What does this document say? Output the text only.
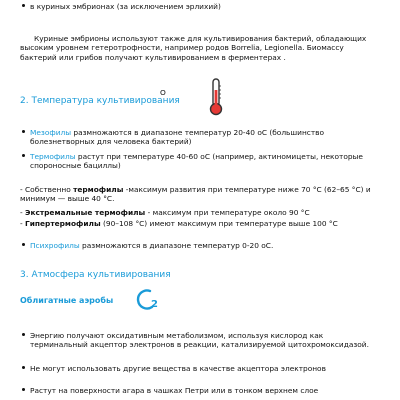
в куриных эмбрионах (за исключением эрлихий)
Куриные эмбрионы используют также для культивирования бактерий, обладающих высоким уровнем гетеротрофности, например родов Borrelia, Legionella. Биомассу бактерий или грибов получают культивированием в ферментерах .
2. Температура культивирования
Мезофилы размножаются в диапазоне температур 20-40 oC (большинство болезнетворных для человека бактерий)
Термофилы растут при температуре 40-60 oC (например, актиномицеты, некоторые спороносные бациллы)
- Собственно термофилы -максимум развития при температуре ниже 70 °С (62–65 °С) и минимум — выше 40 °С.
- Экстремальные термофилы - максимум при температуре около 90 °С
- Гипертермофилы (90–108 °С) имеют максимум при температуре выше 100 °С
Психрофилы размножаются в диапазоне температур 0-20 oC.
3. Атмосфера культивирования
Облигатные аэробы
O
2
Энергию получают оксидативным метаболизмом, используя кислород как терминальный акцептор электронов в реакции, катализируемой цитохромоксидазой.
Не могут использовать другие вещества в качестве акцептора электронов
Растут на поверхности агара в чашках Петри или в тонком верхнем слое
